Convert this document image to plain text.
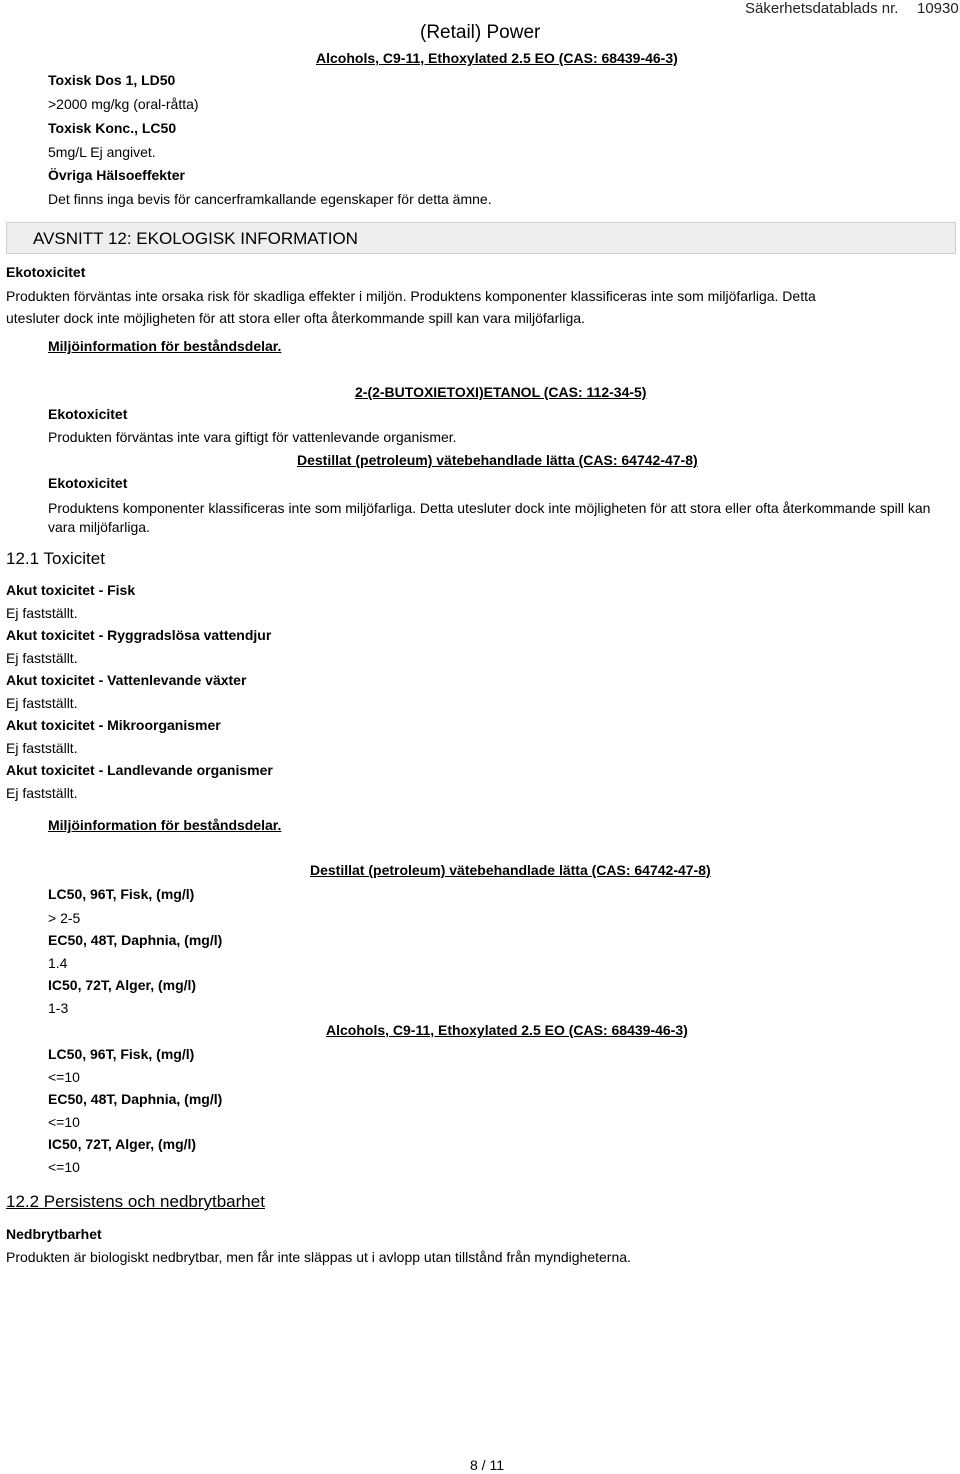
(Retail) Power
Alcohols, C9-11, Ethoxylated 2.5 EO (CAS: 68439-46-3)
Säkerhetsdatablads nr. 10930
Toxisk Dos 1, LD50
>2000 mg/kg (oral-råtta)
Toxisk Konc., LC50
5mg/L Ej angivet.
Övriga Hälsoeffekter
Det finns inga bevis för cancerframkallande egenskaper för detta ämne.
AVSNITT 12: EKOLOGISK INFORMATION
Ekotoxicitet
Produkten förväntas inte orsaka risk för skadliga effekter i miljön. Produktens komponenter klassificeras inte som miljöfarliga. Detta
utesluter dock inte möjligheten för att stora eller ofta återkommande spill kan vara miljöfarliga.
Miljöinformation för beståndsdelar.
2-(2-BUTOXIETOXI)ETANOL (CAS: 112-34-5)
Ekotoxicitet
Produkten förväntas inte vara giftigt för vattenlevande organismer.
Destillat (petroleum) vätebehandlade lätta (CAS: 64742-47-8)
Ekotoxicitet
Produktens komponenter klassificeras inte som miljöfarliga. Detta utesluter dock inte möjligheten för att stora eller ofta återkommande spill kan vara miljöfarliga.
12.1 Toxicitet
Akut toxicitet - Fisk
Ej fastställt.
Akut toxicitet - Ryggradslösa vattendjur
Ej fastställt.
Akut toxicitet - Vattenlevande växter
Ej fastställt.
Akut toxicitet - Mikroorganismer
Ej fastställt.
Akut toxicitet - Landlevande organismer
Ej fastställt.
Miljöinformation för beståndsdelar.
Destillat (petroleum) vätebehandlade lätta (CAS: 64742-47-8)
LC50, 96T, Fisk, (mg/l)
> 2-5
EC50, 48T, Daphnia, (mg/l)
1.4
IC50, 72T, Alger, (mg/l)
1-3
Alcohols, C9-11, Ethoxylated 2.5 EO (CAS: 68439-46-3)
LC50, 96T, Fisk, (mg/l)
<=10
EC50, 48T, Daphnia, (mg/l)
<=10
IC50, 72T, Alger, (mg/l)
<=10
12.2 Persistens och nedbrytbarhet
Nedbrytbarhet
Produkten är biologiskt nedbrytbar, men får inte släppas ut i avlopp utan tillstånd från myndigheterna.
8 / 11
